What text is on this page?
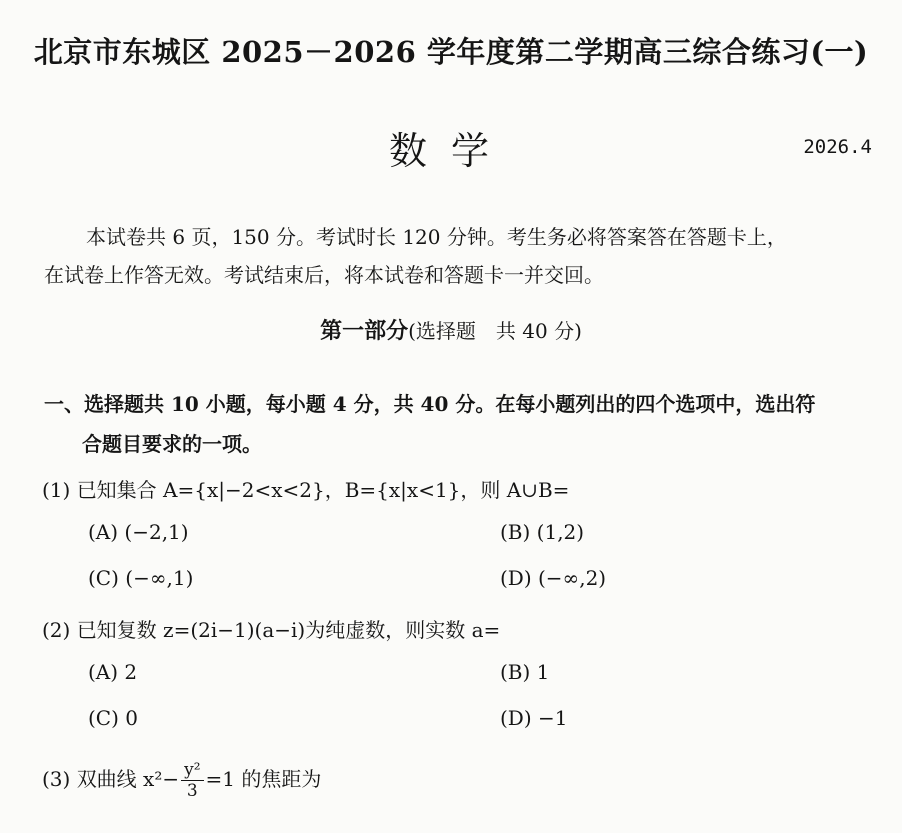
北京市东城区 2025－2026 学年度第二学期高三综合练习(一)
数学	2026.4
本试卷共 6 页，150 分。考试时长 120 分钟。考生务必将答案答在答题卡上，
在试卷上作答无效。考试结束后，将本试卷和答题卡一并交回。
第一部分(选择题　共 40 分)
一、选择题共 10 小题，每小题 4 分，共 40 分。在每小题列出的四个选项中，选出符
合题目要求的一项。
(1) 已知集合 A={x|−2<x<2}，B={x|x<1}，则 A∪B=
(A) (−2,1)	(B) (1,2)
(C) (−∞,1)	(D) (−∞,2)
(2) 已知复数 z=(2i−1)(a−i)为纯虚数，则实数 a=
(A) 2	(B) 1
(C) 0	(D) −1
(3) 双曲线 $x^2- \frac{\text{y²}}{3} =1$ 的焦距为
